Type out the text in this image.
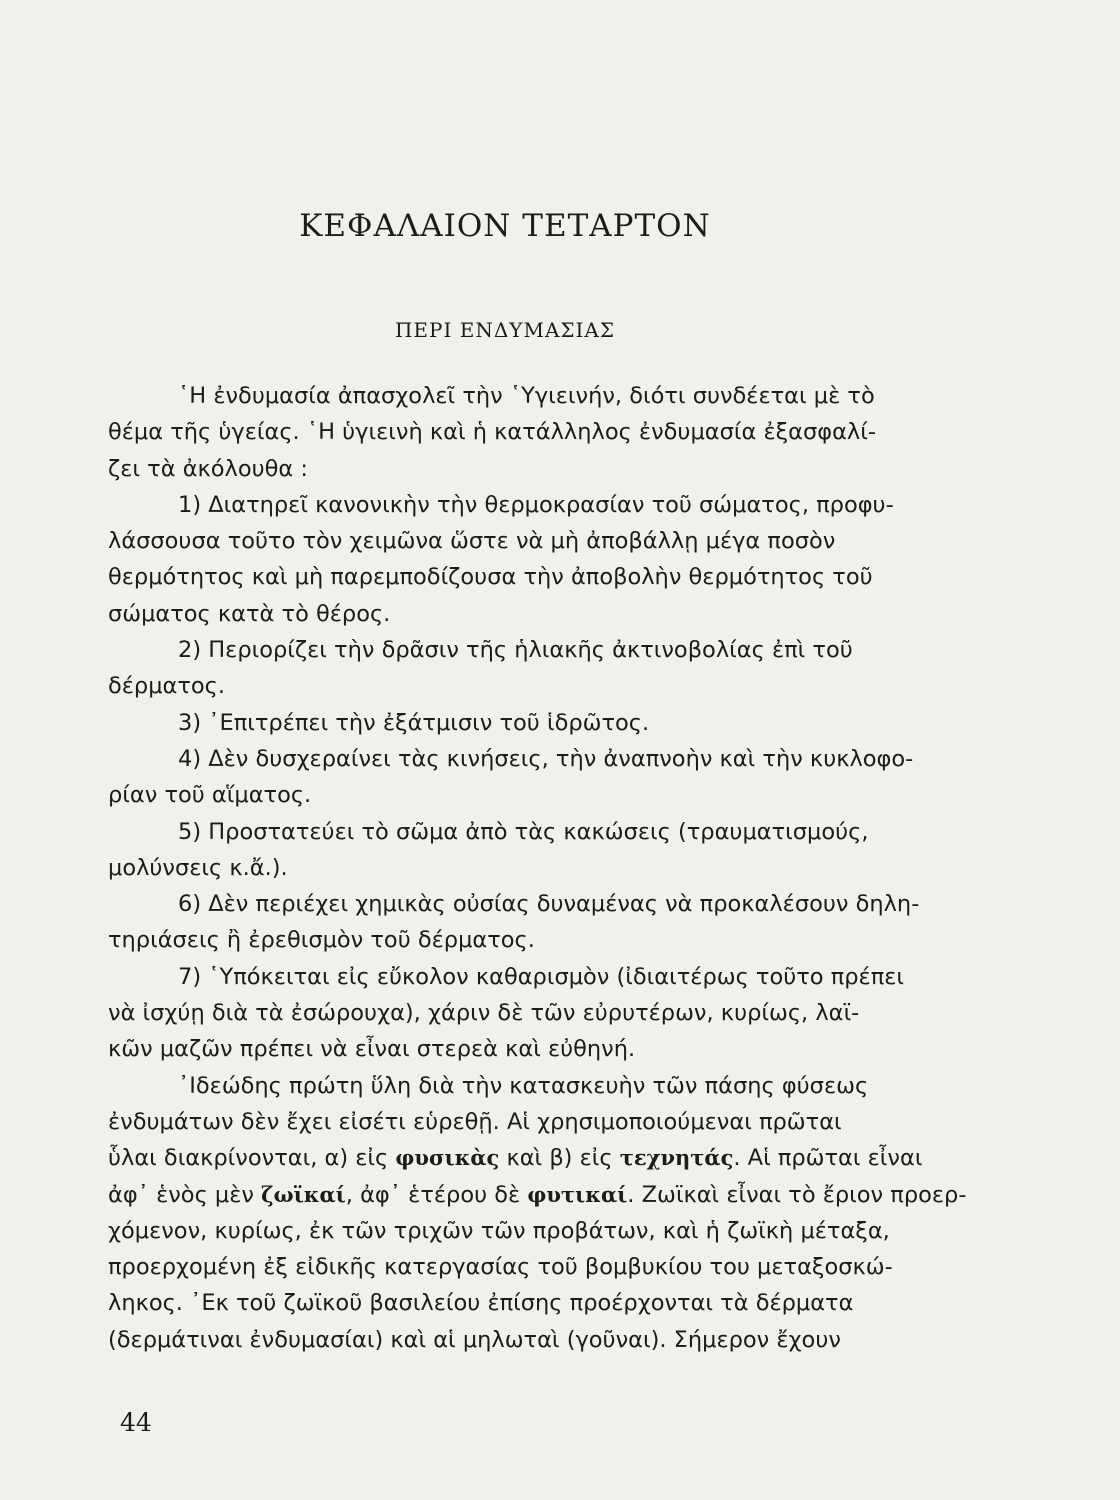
ΚΕΦΑΛΑΙΟΝ ΤΕΤΑΡΤΟΝ
ΠΕΡΙ ΕΝΔΥΜΑΣΙΑΣ
῾Η ἐνδυμασία ἀπασχολεῖ τὴν ῾Υγιεινήν, διότι συνδέεται μὲ τὸ
θέμα τῆς ὑγείας. ῾Η ὑγιεινὴ καὶ ἡ κατάλληλος ἐνδυμασία ἐξασφαλί-
ζει τὰ ἀκόλουθα :
1) Διατηρεῖ κανονικὴν τὴν θερμοκρασίαν τοῦ σώματος, προφυ-
λάσσουσα τοῦτο τὸν χειμῶνα ὥστε νὰ μὴ ἀποβάλλῃ μέγα ποσὸν
θερμότητος καὶ μὴ παρεμποδίζουσα τὴν ἀποβολὴν θερμότητος τοῦ
σώματος κατὰ τὸ θέρος.
2) Περιορίζει τὴν δρᾶσιν τῆς ἡλιακῆς ἀκτινοβολίας ἐπὶ τοῦ
δέρματος.
3) ᾿Επιτρέπει τὴν ἐξάτμισιν τοῦ ἱδρῶτος.
4) Δὲν δυσχεραίνει τὰς κινήσεις, τὴν ἀναπνοὴν καὶ τὴν κυκλοφο-
ρίαν τοῦ αἵματος.
5) Προστατεύει τὸ σῶμα ἀπὸ τὰς κακώσεις (τραυματισμούς,
μολύνσεις κ.ἄ.).
6) Δὲν περιέχει χημικὰς οὐσίας δυναμένας νὰ προκαλέσουν δηλη-
τηριάσεις ἢ ἐρεθισμὸν τοῦ δέρματος.
7) ῾Υπόκειται εἰς εὔκολον καθαρισμὸν (ἰδιαιτέρως τοῦτο πρέπει
νὰ ἰσχύῃ διὰ τὰ ἐσώρουχα), χάριν δὲ τῶν εὐρυτέρων, κυρίως, λαϊ-
κῶν μαζῶν πρέπει νὰ εἶναι στερεὰ καὶ εὐθηνή.
᾿Ιδεώδης πρώτη ὕλη διὰ τὴν κατασκευὴν τῶν πάσης φύσεως
ἐνδυμάτων δὲν ἔχει εἰσέτι εὑρεθῇ. Αἱ χρησιμοποιούμεναι πρῶται
ὗλαι διακρίνονται, α) εἰς φυσικὰς καὶ β) εἰς τεχνητάς. Αἱ πρῶται εἶναι
ἀφ᾿ ἑνὸς μὲν ζωϊκαί, ἀφ᾿ ἑτέρου δὲ φυτικαί. Ζωϊκαὶ εἶναι τὸ ἔριον προερ-
χόμενον, κυρίως, ἐκ τῶν τριχῶν τῶν προβάτων, καὶ ἡ ζωϊκὴ μέταξα,
προερχομένη ἐξ εἰδικῆς κατεργασίας τοῦ βομβυκίου του μεταξοσκώ-
ληκος. ᾿Εκ τοῦ ζωϊκοῦ βασιλείου ἐπίσης προέρχονται τὰ δέρματα
(δερμάτιναι ἐνδυμασίαι) καὶ αἱ μηλωταὶ (γοῦναι). Σήμερον ἔχουν
44
